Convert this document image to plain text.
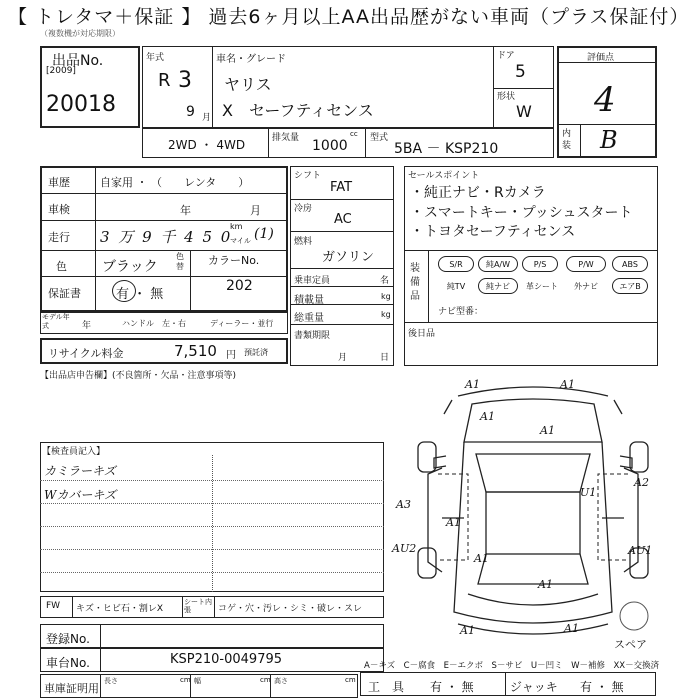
【 トレタマ＋保証 】 過去6ヶ月以上AA出品歴がない車両（プラス保証付）
（複数機が対応期限）
出品No.
[2009]
20018
年式
R 3
9 月
車名・グレード
ヤリス
X　セーフティセンス
ドア
5
形状
W
評価点
4
内装 B
2WD ・ 4WD	排気量	cc
1000 型式
5BA － KSP210
車歴	自家用 ・ （　　レンタ　　）
車検	年	月
走行 3 万 9 千 4 5 0
km
マイル (1)
色	ブラック
色替 カラーNo.
202
保証書	有 ・ 無
モデル年式	年	ハンドル　左・右	ディーラー・並行
リサイクル料金	7,510 円 預託済
シフト
FAT
冷房
AC
燃料
ガソリン
乗車定員	名
積載量	kg
総重量	kg
書類期限
月	日
セールスポイント
・純正ナビ・Rカメラ
・スマートキー・プッシュスタート
・トヨタセーフティセンス
装備品
S/R	純A/W	P/S	P/W	ABS
純TV	純ナビ	革シート	外ナビ	エアB
ナビ型番：
後日品
【出品店申告欄】(不良箇所・欠品・注意事項等)
【検査員記入】
カミラーキズ
Wカバーキズ
FW キズ・ヒビ石・割レX
シート内張	コゲ・穴・汚レ・シミ・破レ・スレ
登録No.
車台No.	KSP210-0049795
車庫証明用
長さ	cm 幅	cm 高さ	cm
A1	A1
A1
A1
A3
A2
A1
U1
AU2	AU1
A1
A1
A1	A1
スペア
A－キズ　C－腐食　E－エクボ　S－サビ　U－凹ミ　W－補修　XX－交換済
工　具 有 ・ 無	ジャッキ 有 ・ 無
